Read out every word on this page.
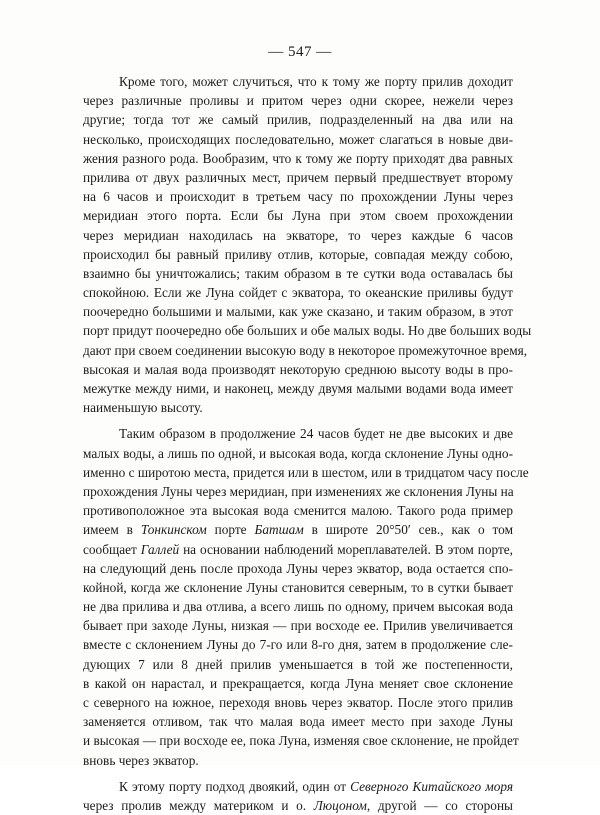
— 547 —
Кроме того, может случиться, что к тому же порту прилив доходит
через различные проливы и притом через одни скорее, нежели через
другие; тогда тот же самый прилив, подразделенный на два или на
несколько, происходящих последовательно, может слагаться в новые дви-
жения разного рода. Вообразим, что к тому же порту приходят два равных
прилива от двух различных мест, причем первый предшествует второму
на 6 часов и происходит в третьем часу по прохождении Луны через
меридиан этого порта. Если бы Луна при этом своем прохождении
через меридиан находилась на экваторе, то через каждые 6 часов
происходил бы равный приливу отлив, которые, совпадая между собою,
взаимно бы уничтожались; таким образом в те сутки вода оставалась бы
спокойною. Если же Луна сойдет с экватора, то океанские приливы будут
поочередно большими и малыми, как уже сказано, и таким образом, в этот
порт придут поочередно обе больших и обе малых воды. Но две больших воды
дают при своем соединении высокую воду в некоторое промежуточное время,
высокая и малая вода производят некоторую среднюю высоту воды в про-
межутке между ними, и наконец, между двумя малыми водами вода имеет
наименьшую высоту.
Таким образом в продолжение 24 часов будет не две высоких и две
малых воды, а лишь по одной, и высокая вода, когда склонение Луны одно-
именно с широтою места, придется или в шестом, или в тридцатом часу после
прохождения Луны через меридиан, при изменениях же склонения Луны на
противоположное эта высокая вода сменится малою. Такого рода пример
имеем в Тонкинском порте Батшам в широте 20°50′ сев., как о том
сообщает Галлей на основании наблюдений мореплавателей. В этом порте,
на следующий день после прохода Луны через экватор, вода остается спо-
койной, когда же склонение Луны становится северным, то в сутки бывает
не два прилива и два отлива, а всего лишь по одному, причем высокая вода
бывает при заходе Луны, низкая — при восходе ее. Прилив увеличивается
вместе с склонением Луны до 7-го или 8-го дня, затем в продолжение сле-
дующих 7 или 8 дней прилив уменьшается в той же постепенности,
в какой он нарастал, и прекращается, когда Луна меняет свое склонение
с северного на южное, переходя вновь через экватор. После этого прилив
заменяется отливом, так что малая вода имеет место при заходе Луны
и высокая — при восходе ее, пока Луна, изменяя свое склонение, не пройдет
вновь через экватор.
К этому порту подход двоякий, один от Северного Китайского моря
через пролив между материком и о. Люцоном, другой — со стороны
